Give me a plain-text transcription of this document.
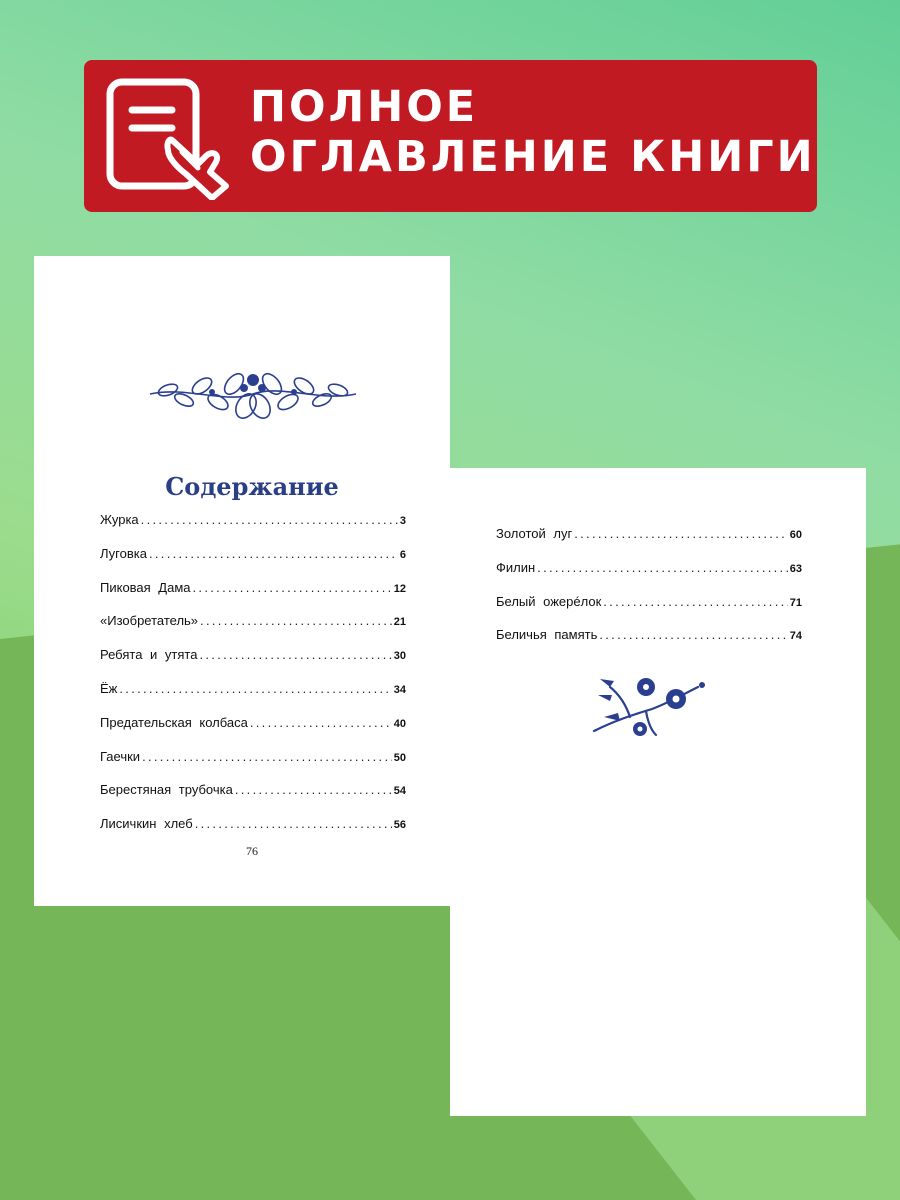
ПОЛНОЕ
ОГЛАВЛЕНИЕ КНИГИ
Содержание
Журка .....	3
Луговка .....	6
Пиковая Дама .....	12
«Изобретатель» .....	21
Ребята и утята .....	30
Ёж .....	34
Предательская колбаса .....	40
Гаечки .....	50
Берестяная трубочка .....	54
Лисичкин хлеб .....	56
76
Золотой луг .....	60
Филин .....	63
Белый ожерéлок .....	71
Беличья память .....	74
